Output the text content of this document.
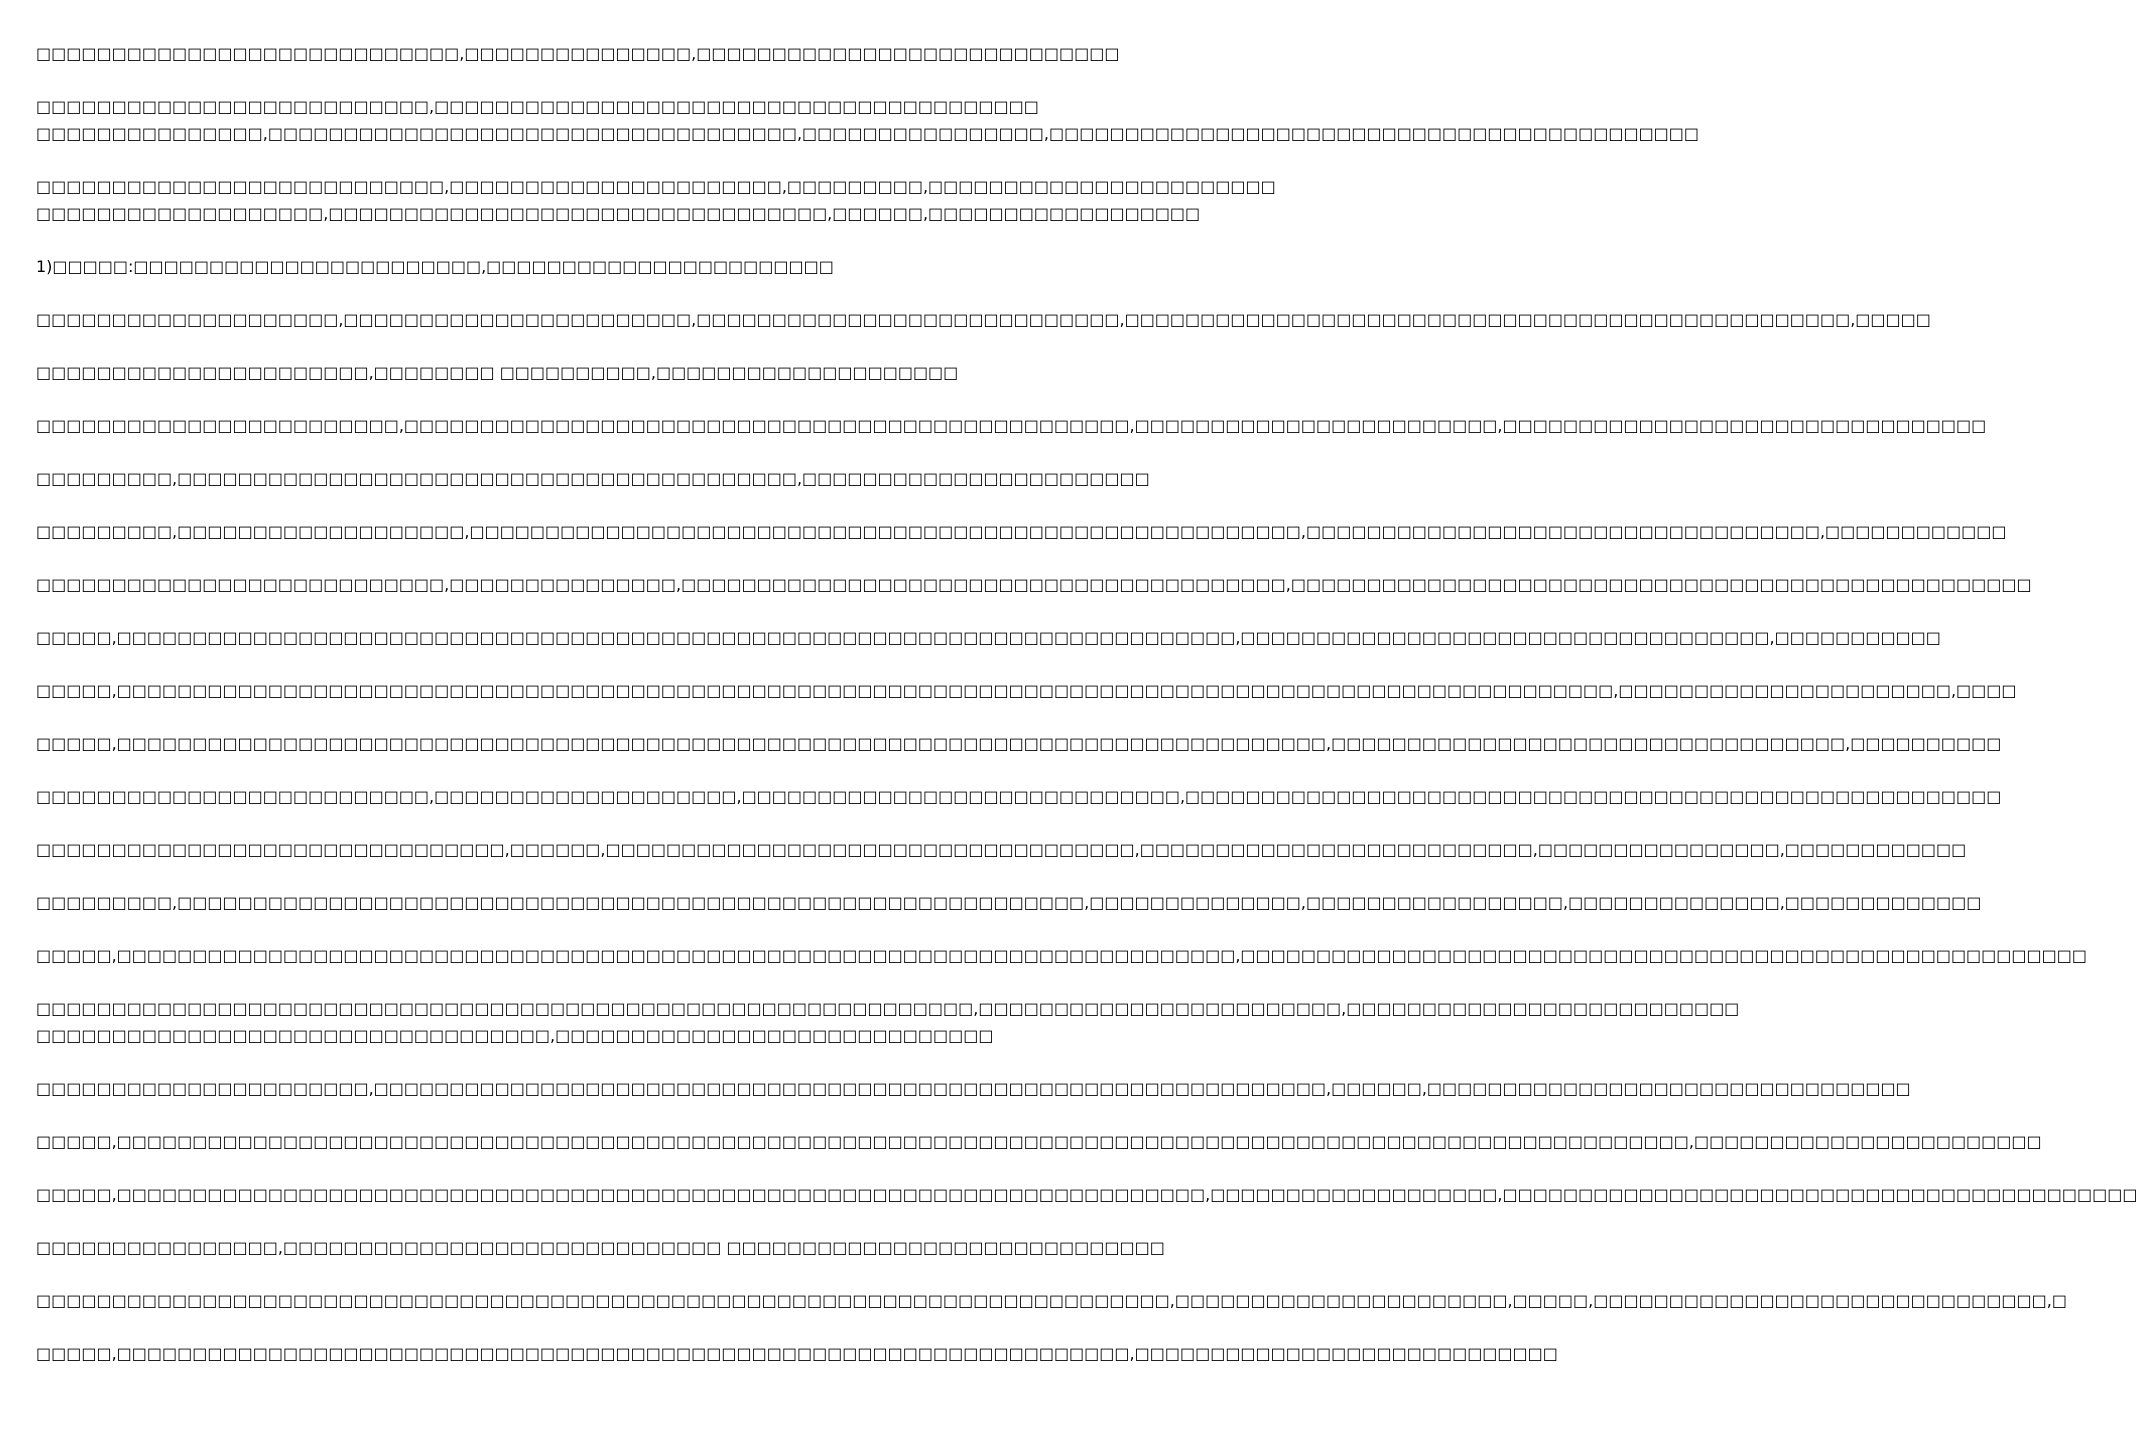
□□□□□□□□□□□□□□□□□□□□□□□□□□□□,□□□□□□□□□□□□□□□,□□□□□□□□□□□□□□□□□□□□□□□□□□□□

□□□□□□□□□□□□□□□□□□□□□□□□□□,□□□□□□□□□□□□□□□□□□□□□□□□□□□□□□□□□□□□□□□□
□□□□□□□□□□□□□□□,□□□□□□□□□□□□□□□□□□□□□□□□□□□□□□□□□□□,□□□□□□□□□□□□□□□□,□□□□□□□□□□□□□□□□□□□□□□□□□□□□□□□□□□□□□□□□□□□

□□□□□□□□□□□□□□□□□□□□□□□□□□□,□□□□□□□□□□□□□□□□□□□□□□,□□□□□□□□□,□□□□□□□□□□□□□□□□□□□□□□□
□□□□□□□□□□□□□□□□□□□,□□□□□□□□□□□□□□□□□□□□□□□□□□□□□□□□□,□□□□□□,□□□□□□□□□□□□□□□□□□

1)□□□□□:□□□□□□□□□□□□□□□□□□□□□□□,□□□□□□□□□□□□□□□□□□□□□□□

□□□□□□□□□□□□□□□□□□□□,□□□□□□□□□□□□□□□□□□□□□□□,□□□□□□□□□□□□□□□□□□□□□□□□□□□□,□□□□□□□□□□□□□□□□□□□□□□□□□□□□□□□□□□□□□□□□□□□□□□□□,□□□□□

□□□□□□□□□□□□□□□□□□□□□□,□□□□□□□□ □□□□□□□□□□,□□□□□□□□□□□□□□□□□□□□

□□□□□□□□□□□□□□□□□□□□□□□□,□□□□□□□□□□□□□□□□□□□□□□□□□□□□□□□□□□□□□□□□□□□□□□□□,□□□□□□□□□□□□□□□□□□□□□□□□,□□□□□□□□□□□□□□□□□□□□□□□□□□□□□□□□

□□□□□□□□□,□□□□□□□□□□□□□□□□□□□□□□□□□□□□□□□□□□□□□□□□□,□□□□□□□□□□□□□□□□□□□□□□□

□□□□□□□□□,□□□□□□□□□□□□□□□□□□□,□□□□□□□□□□□□□□□□□□□□□□□□□□□□□□□□□□□□□□□□□□□□□□□□□□□□□□□,□□□□□□□□□□□□□□□□□□□□□□□□□□□□□□□□□□,□□□□□□□□□□□□

□□□□□□□□□□□□□□□□□□□□□□□□□□□,□□□□□□□□□□□□□□□,□□□□□□□□□□□□□□□□□□□□□□□□□□□□□□□□□□□□□□□□,□□□□□□□□□□□□□□□□□□□□□□□□□□□□□□□□□□□□□□□□□□□□□□□□□

□□□□□,□□□□□□□□□□□□□□□□□□□□□□□□□□□□□□□□□□□□□□□□□□□□□□□□□□□□□□□□□□□□□□□□□□□□□□□□□□,□□□□□□□□□□□□□□□□□□□□□□□□□□□□□□□□□□□,□□□□□□□□□□□

□□□□□,□□□□□□□□□□□□□□□□□□□□□□□□□□□□□□□□□□□□□□□□□□□□□□□□□□□□□□□□□□□□□□□□□□□□□□□□□□□□□□□□□□□□□□□□□□□□□□□□□□□,□□□□□□□□□□□□□□□□□□□□□□,□□□□

□□□□□,□□□□□□□□□□□□□□□□□□□□□□□□□□□□□□□□□□□□□□□□□□□□□□□□□□□□□□□□□□□□□□□□□□□□□□□□□□□□□□□□,□□□□□□□□□□□□□□□□□□□□□□□□□□□□□□□□□□,□□□□□□□□□□

□□□□□□□□□□□□□□□□□□□□□□□□□□,□□□□□□□□□□□□□□□□□□□□,□□□□□□□□□□□□□□□□□□□□□□□□□□□□□,□□□□□□□□□□□□□□□□□□□□□□□□□□□□□□□□□□□□□□□□□□□□□□□□□□□□□□

□□□□□□□□□□□□□□□□□□□□□□□□□□□□□□□,□□□□□□,□□□□□□□□□□□□□□□□□□□□□□□□□□□□□□□□□□□,□□□□□□□□□□□□□□□□□□□□□□□□□□,□□□□□□□□□□□□□□□□,□□□□□□□□□□□□

□□□□□□□□□,□□□□□□□□□□□□□□□□□□□□□□□□□□□□□□□□□□□□□□□□□□□□□□□□□□□□□□□□□□□□,□□□□□□□□□□□□□□,□□□□□□□□□□□□□□□□□,□□□□□□□□□□□□□□,□□□□□□□□□□□□□

□□□□□,□□□□□□□□□□□□□□□□□□□□□□□□□□□□□□□□□□□□□□□□□□□□□□□□□□□□□□□□□□□□□□□□□□□□□□□□□□,□□□□□□□□□□□□□□□□□□□□□□□□□□□□□□□□□□□□□□□□□□□□□□□□□□□□□□□□

□□□□□□□□□□□□□□□□□□□□□□□□□□□□□□□□□□□□□□□□□□□□□□□□□□□□□□□□□□□□□□,□□□□□□□□□□□□□□□□□□□□□□□□,□□□□□□□□□□□□□□□□□□□□□□□□□□
□□□□□□□□□□□□□□□□□□□□□□□□□□□□□□□□□□,□□□□□□□□□□□□□□□□□□□□□□□□□□□□□

□□□□□□□□□□□□□□□□□□□□□□,□□□□□□□□□□□□□□□□□□□□□□□□□□□□□□□□□□□□□□□□□□□□□□□□□□□□□□□□□□□□□□□,□□□□□□,□□□□□□□□□□□□□□□□□□□□□□□□□□□□□□□□

□□□□□,□□□□□□□□□□□□□□□□□□□□□□□□□□□□□□□□□□□□□□□□□□□□□□□□□□□□□□□□□□□□□□□□□□□□□□□□□□□□□□□□□□□□□□□□□□□□□□□□□□□□□□□□,□□□□□□□□□□□□□□□□□□□□□□□

□□□□□,□□□□□□□□□□□□□□□□□□□□□□□□□□□□□□□□□□□□□□□□□□□□□□□□□□□□□□□□□□□□□□□□□□□□□□□□,□□□□□□□□□□□□□□□□□□□,□□□□□□□□□□□□□□□□□□□□□□□□□□□□□□□□□□□□□□□□□□

□□□□□□□□□□□□□□□□,□□□□□□□□□□□□□□□□□□□□□□□□□□□□□ □□□□□□□□□□□□□□□□□□□□□□□□□□□□□

□□□□□□□□□□□□□□□□□□□□□□□□□□□□□□□□□□□□□□□□□□□□□□□□□□□□□□□□□□□□□□□□□□□□□□□□□□□,□□□□□□□□□□□□□□□□□□□□□□,□□□□□,□□□□□□□□□□□□□□□□□□□□□□□□□□□□□□,□

□□□□□,□□□□□□□□□□□□□□□□□□□□□□□□□□□□□□□□□□□□□□□□□□□□□□□□□□□□□□□□□□□□□□□□□□□,□□□□□□□□□□□□□□□□□□□□□□□□□□□□
